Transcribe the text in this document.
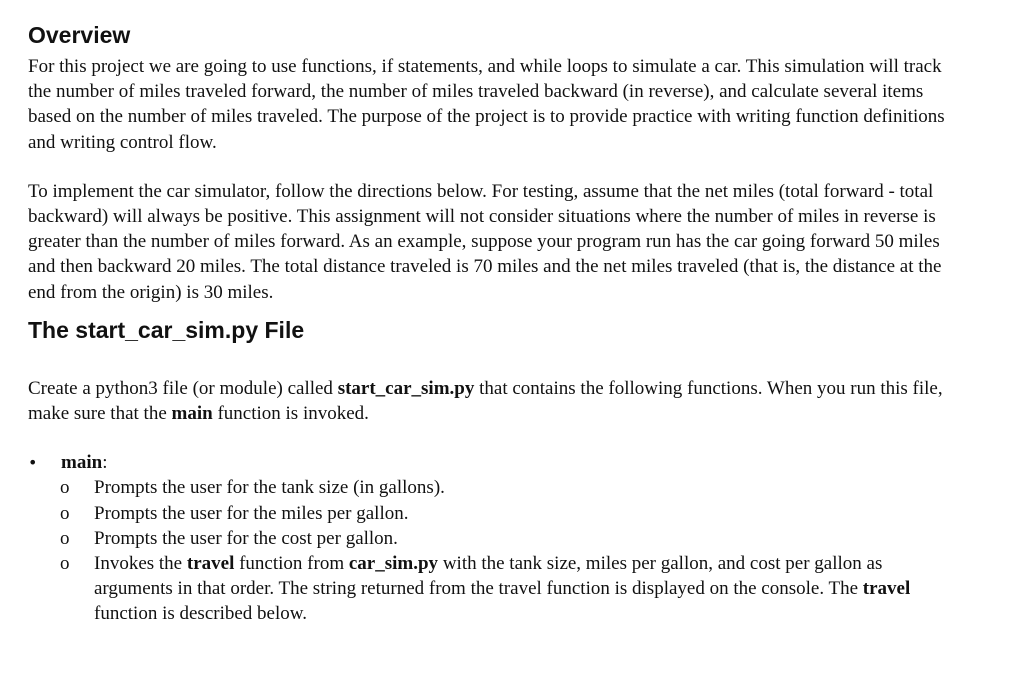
Overview

For this project we are going to use functions, if statements, and while loops to simulate a car. This simulation will track the number of miles traveled forward, the number of miles traveled backward (in reverse), and calculate several items based on the number of miles traveled. The purpose of the project is to provide practice with writing function definitions and writing control flow.

To implement the car simulator, follow the directions below. For testing, assume that the net miles (total forward - total backward) will always be positive. This assignment will not consider situations where the number of miles in reverse is greater than the number of miles forward. As an example, suppose your program run has the car going forward 50 miles and then backward 20 miles. The total distance traveled is 70 miles and the net miles traveled (that is, the distance at the end from the origin) is 30 miles.

The start_car_sim.py File

Create a python3 file (or module) called start_car_sim.py that contains the following functions. When you run this file, make sure that the main function is invoked.

•	main:
o	Prompts the user for the tank size (in gallons).
o	Prompts the user for the miles per gallon.
o	Prompts the user for the cost per gallon.
o	Invokes the travel function from car_sim.py with the tank size, miles per gallon, and cost per gallon as arguments in that order. The string returned from the travel function is displayed on the console. The travel function is described below.
